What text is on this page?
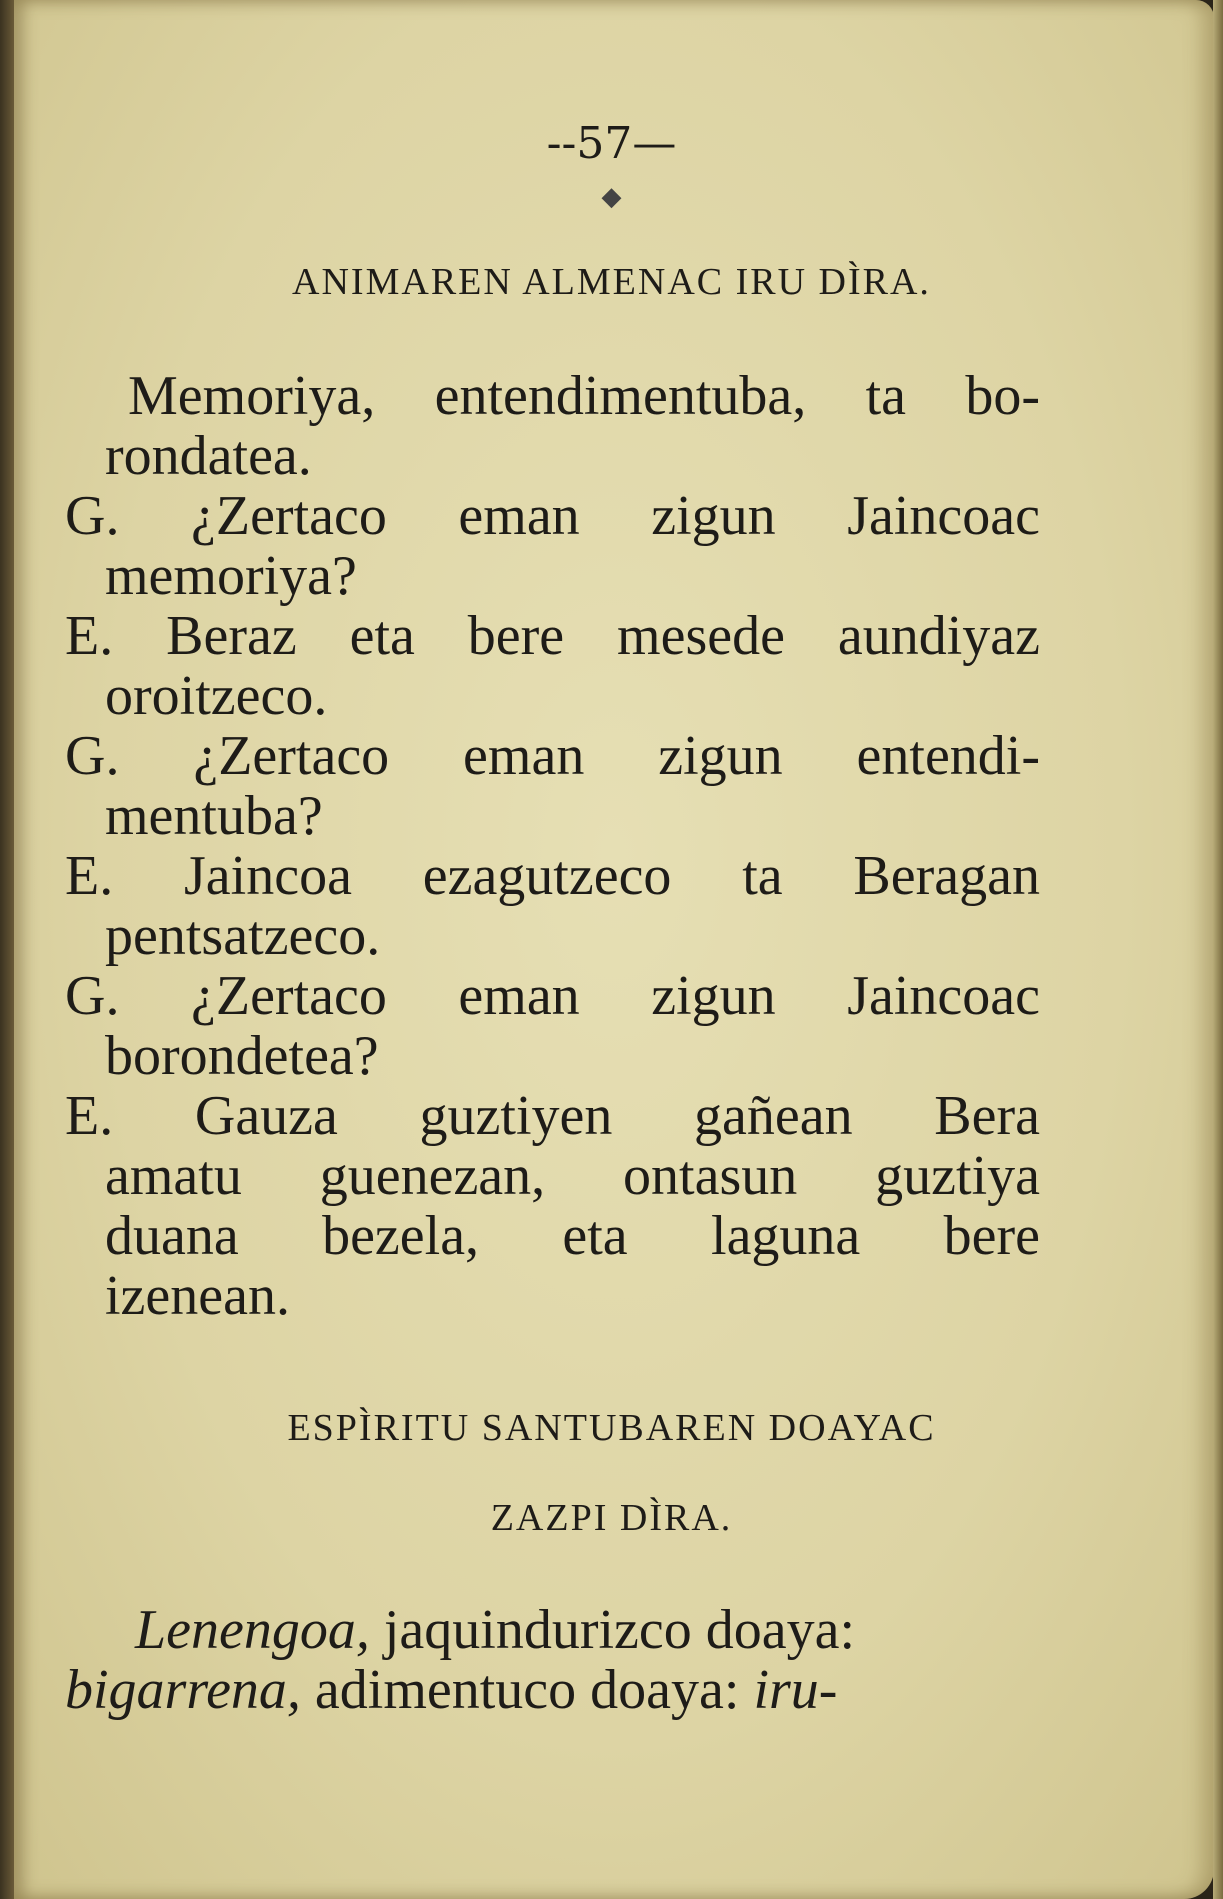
--57—
◆
ANIMAREN ALMENAC IRU DÌRA.
Memoriya, entendimentuba, ta bo-
rondatea.
G. ¿Zertaco eman zigun Jaincoac
memoriya?
E. Beraz eta bere mesede aundiyaz
oroitzeco.
G. ¿Zertaco eman zigun entendi-
mentuba?
E. Jaincoa ezagutzeco ta Beragan
pentsatzeco.
G. ¿Zertaco eman zigun Jaincoac
borondetea?
E. Gauza guztiyen gañean Bera
amatu guenezan, ontasun guztiya
duana bezela, eta laguna bere
izenean.
ESPÌRITU SANTUBAREN DOAYAC
ZAZPI DÌRA.
Lenengoa, jaquindurizco doaya:
bigarrena, adimentuco doaya: iru-
